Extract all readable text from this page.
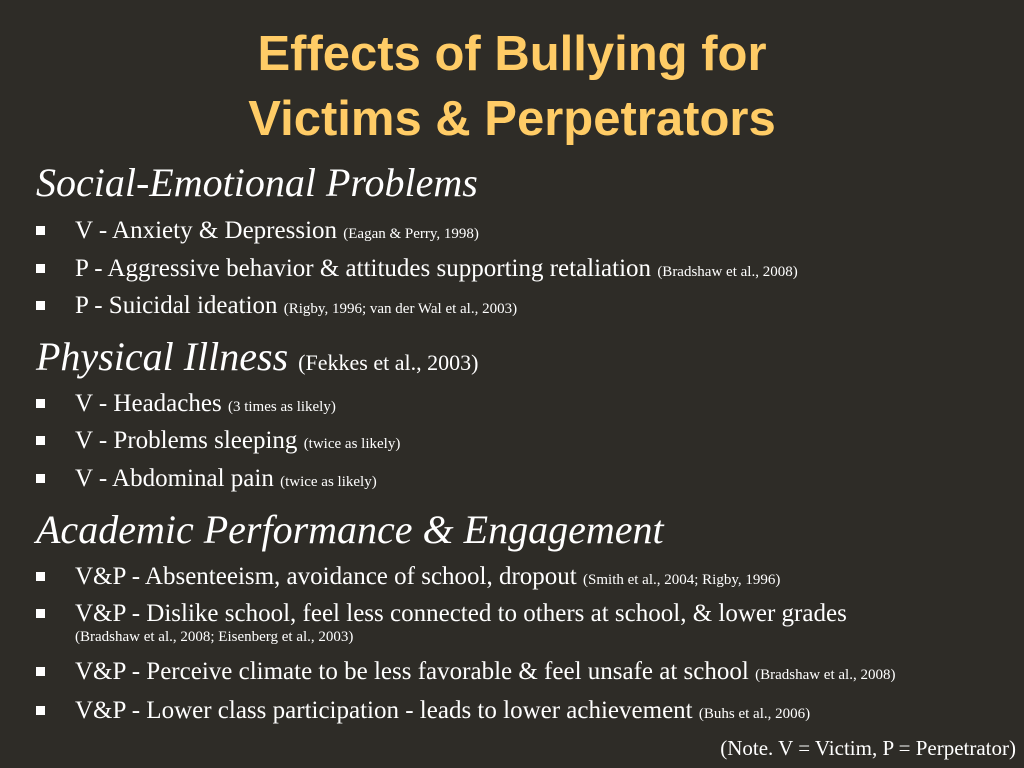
Effects of Bullying for
Victims & Perpetrators
Social-Emotional Problems
V - Anxiety & Depression (Eagan & Perry, 1998)
P - Aggressive behavior & attitudes supporting retaliation (Bradshaw et al., 2008)
P - Suicidal ideation (Rigby, 1996; van der Wal et al., 2003)
Physical Illness (Fekkes et al., 2003)
V - Headaches (3 times as likely)
V - Problems sleeping (twice as likely)
V - Abdominal pain (twice as likely)
Academic Performance & Engagement
V&P - Absenteeism, avoidance of school, dropout (Smith et al., 2004; Rigby, 1996)
V&P - Dislike school, feel less connected to others at school, & lower grades
(Bradshaw et al., 2008; Eisenberg et al., 2003)
V&P - Perceive climate to be less favorable & feel unsafe at school (Bradshaw et al., 2008)
V&P - Lower class participation - leads to lower achievement (Buhs et al., 2006)
(Note. V = Victim, P = Perpetrator)
